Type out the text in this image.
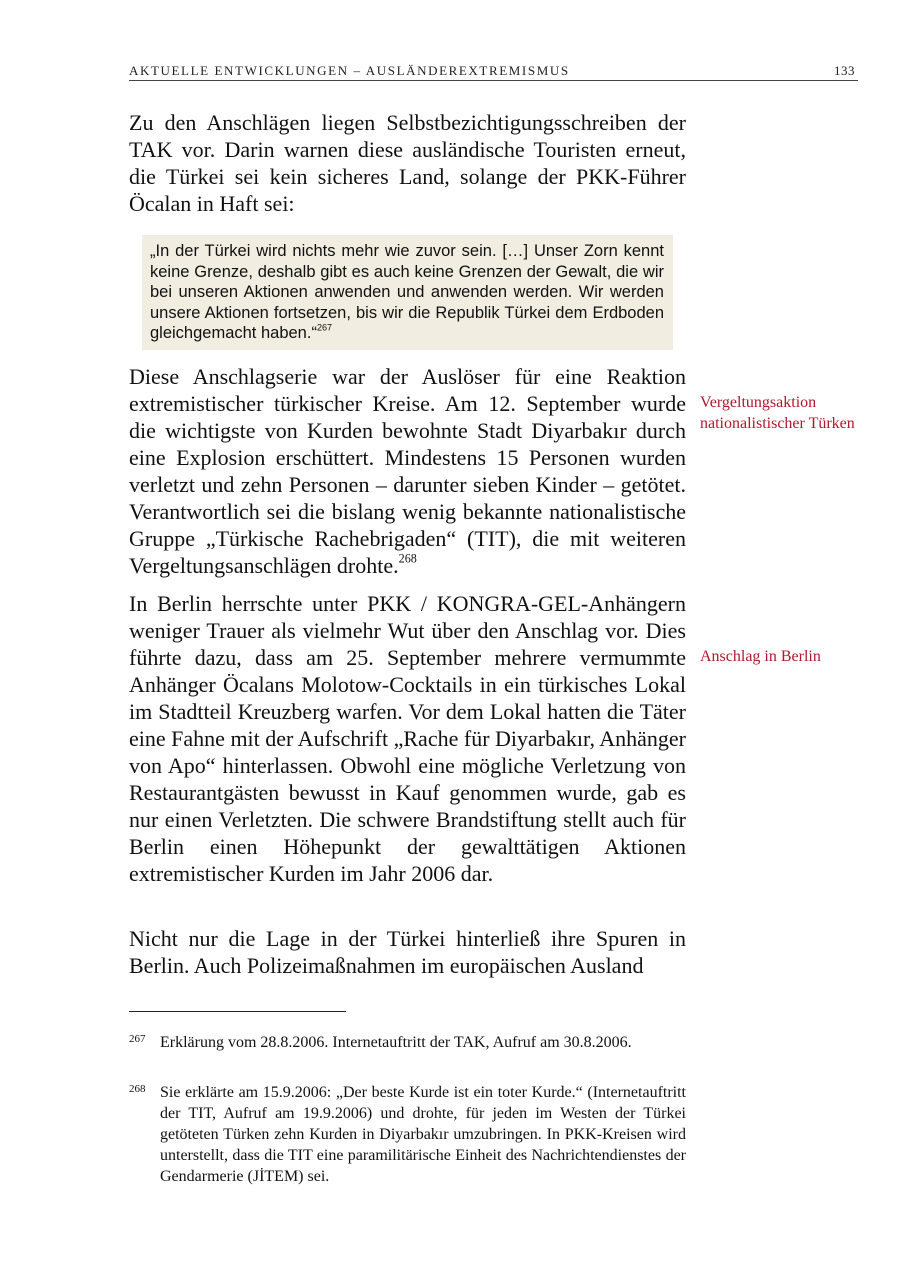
AKTUELLE ENTWICKLUNGEN – AUSLÄNDEREXTREMISMUS	133
Zu den Anschlägen liegen Selbstbezichtigungsschreiben der TAK vor. Darin warnen diese ausländische Touristen erneut, die Türkei sei kein sicheres Land, solange der PKK-Führer Öcalan in Haft sei:

„In der Türkei wird nichts mehr wie zuvor sein. […] Unser Zorn kennt keine Grenze, deshalb gibt es auch keine Grenzen der Gewalt, die wir bei unseren Aktionen anwenden und anwenden werden. Wir werden unsere Aktionen fortsetzen, bis wir die Republik Türkei dem Erdboden gleichgemacht haben.“$^{267}$

Diese Anschlagserie war der Auslöser für eine Reaktion extremistischer türkischer Kreise. Am 12. September wurde die wichtigste von Kurden bewohnte Stadt Diyarbakır durch eine Explosion erschüttert. Mindestens 15 Personen wurden verletzt und zehn Personen – darunter sieben Kinder – getötet. Verantwortlich sei die bislang wenig bekannte nationalistische Gruppe „Türkische Rachebrigaden“ (TIT), die mit weiteren Vergeltungsanschlägen drohte.$^{268}$
In Berlin herrschte unter PKK / KONGRA-GEL-Anhängern weniger Trauer als vielmehr Wut über den Anschlag vor. Dies führte dazu, dass am 25. September mehrere vermummte Anhänger Öcalans Molotow-Cocktails in ein türkisches Lokal im Stadtteil Kreuzberg warfen. Vor dem Lokal hatten die Täter eine Fahne mit der Aufschrift „Rache für Diyarbakır, Anhänger von Apo“ hinterlassen. Obwohl eine mögliche Verletzung von Restaurantgästen bewusst in Kauf genommen wurde, gab es nur einen Verletzten. Die schwere Brandstiftung stellt auch für Berlin einen Höhepunkt der gewalttätigen Aktionen extremistischer Kurden im Jahr 2006 dar.
Nicht nur die Lage in der Türkei hinterließ ihre Spuren in Berlin. Auch Polizeimaßnahmen im europäischen Ausland
Vergeltungsaktion nationalistischer Türken
Anschlag in Berlin
267 Erklärung vom 28.8.2006. Internetauftritt der TAK, Aufruf am 30.8.2006.
268 Sie erklärte am 15.9.2006: „Der beste Kurde ist ein toter Kurde.“ (Internetauftritt der TIT, Aufruf am 19.9.2006) und drohte, für jeden im Westen der Türkei getöteten Türken zehn Kurden in Diyarbakır umzubringen. In PKK-Kreisen wird unterstellt, dass die TIT eine paramilitärische Einheit des Nachrichtendienstes der Gendarmerie (JİTEM) sei.
